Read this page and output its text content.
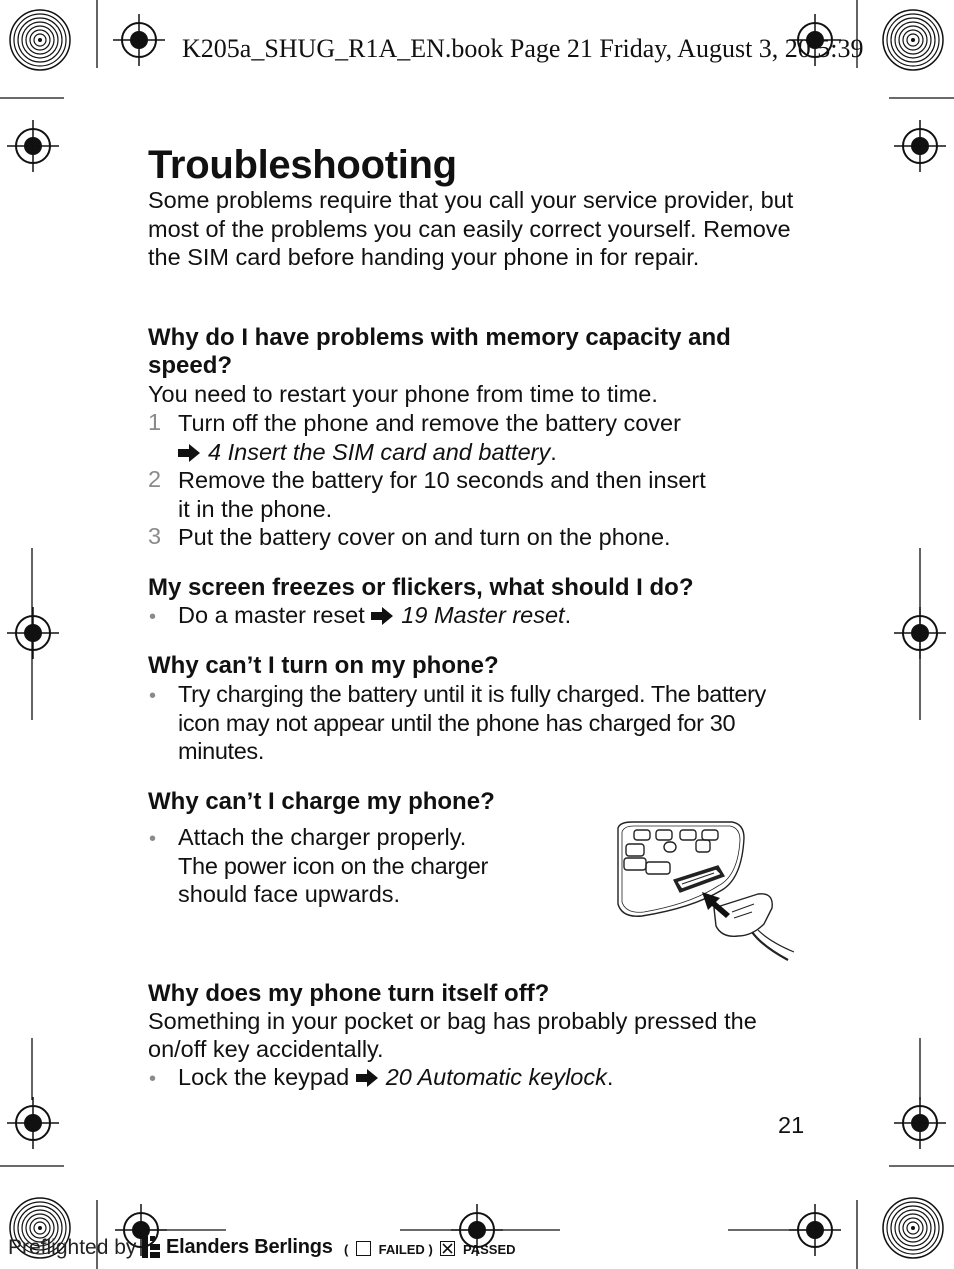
K205a_SHUG_R1A_EN.book Page 21 Friday, August 3, 20 5:39
Troubleshooting
Some problems require that you call your service provider, but most of the problems you can easily correct yourself. Remove the SIM card before handing your phone in for repair.
Why do I have problems with memory capacity and speed?
You need to restart your phone from time to time.
1 Turn off the phone and remove the battery cover
4 Insert the SIM card and battery.
2 Remove the battery for 10 seconds and then insert
it in the phone.
3 Put the battery cover on and turn on the phone.
My screen freezes or flickers, what should I do?
• Do a master reset 19 Master reset.
Why can’t I turn on my phone?
• Try charging the battery until it is fully charged. The battery icon may not appear until the phone has charged for 30 minutes.
Why can’t I charge my phone?
• Attach the charger properly.
The power icon on the charger
should face upwards.
Why does my phone turn itself off?
Something in your pocket or bag has probably pressed the on/off key accidentally.
• Lock the keypad 20 Automatic keylock.
21
Preflighted by Elanders Berlings ( FAILED ) PASSED
